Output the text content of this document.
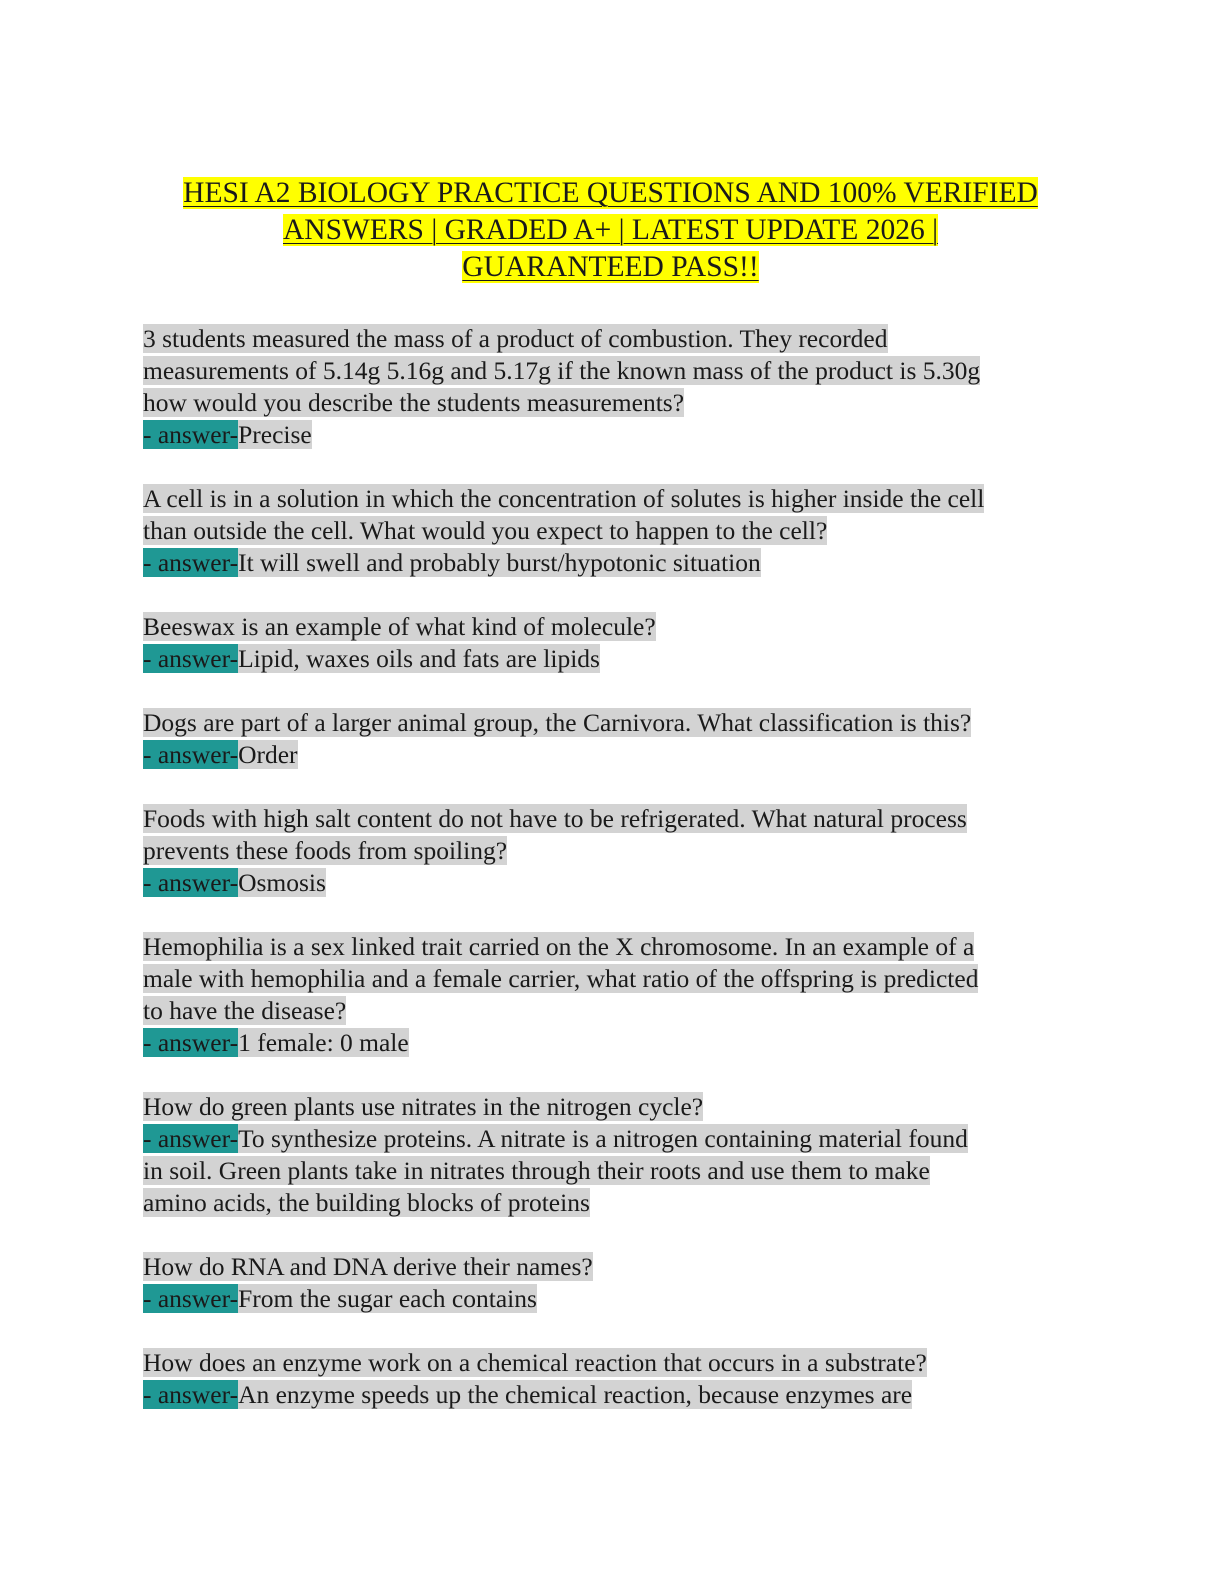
HESI A2 BIOLOGY PRACTICE QUESTIONS AND 100% VERIFIED
ANSWERS | GRADED A+ | LATEST UPDATE 2026 |
GUARANTEED PASS!!
3 students measured the mass of a product of combustion. They recorded
measurements of 5.14g 5.16g and 5.17g if the known mass of the product is 5.30g
how would you describe the students measurements?
- answer-Precise
A cell is in a solution in which the concentration of solutes is higher inside the cell
than outside the cell. What would you expect to happen to the cell?
- answer-It will swell and probably burst/hypotonic situation
Beeswax is an example of what kind of molecule?
- answer-Lipid, waxes oils and fats are lipids
Dogs are part of a larger animal group, the Carnivora. What classification is this?
- answer-Order
Foods with high salt content do not have to be refrigerated. What natural process
prevents these foods from spoiling?
- answer-Osmosis
Hemophilia is a sex linked trait carried on the X chromosome. In an example of a
male with hemophilia and a female carrier, what ratio of the offspring is predicted
to have the disease?
- answer-1 female: 0 male
How do green plants use nitrates in the nitrogen cycle?
- answer-To synthesize proteins. A nitrate is a nitrogen containing material found
in soil. Green plants take in nitrates through their roots and use them to make
amino acids, the building blocks of proteins
How do RNA and DNA derive their names?
- answer-From the sugar each contains
How does an enzyme work on a chemical reaction that occurs in a substrate?
- answer-An enzyme speeds up the chemical reaction, because enzymes are
